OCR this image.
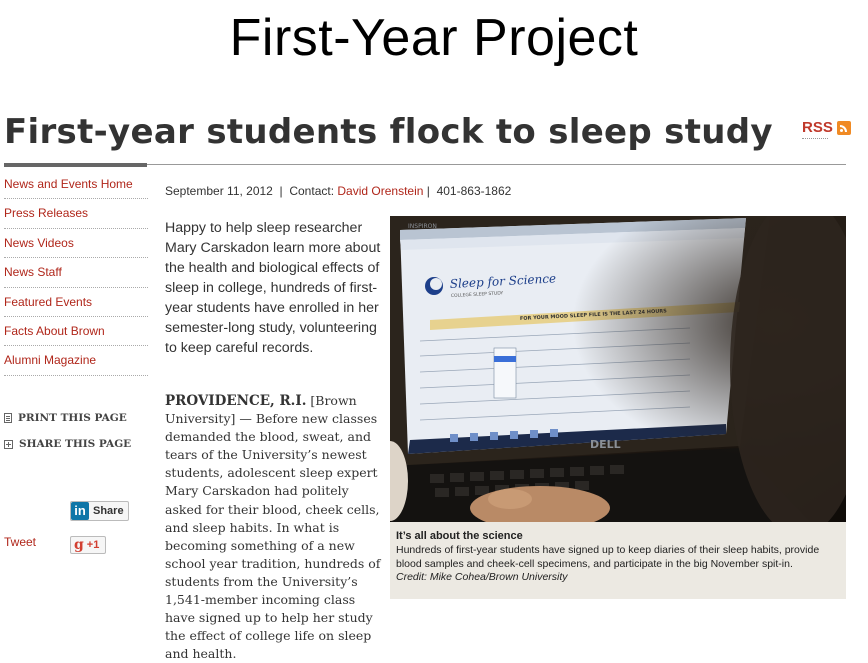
First-Year Project
First-year students flock to sleep study RSS
News and Events Home
Press Releases
News Videos
News Staff
Featured Events
Facts About Brown
Alumni Magazine
PRINT THIS PAGE
SHARE THIS PAGE
in Share
Tweet	g +1
September 11, 2012  |  Contact: David Orenstein |  401-863-1862
Happy to help sleep researcher Mary Carskadon learn more about the health and biological effects of sleep in college, hundreds of first-year students have enrolled in her semester-long study, volunteering to keep careful records.
PROVIDENCE, R.I. [Brown University] — Before new classes demanded the blood, sweat, and tears of the University’s newest students, adolescent sleep expert Mary Carskadon had politely asked for their blood, cheek cells, and sleep habits. In what is becoming something of a new school year tradition, hundreds of students from the University’s 1,541-member incoming class have signed up to help her study the effect of college life on sleep and health.
It’s all about the science
Hundreds of first-year students have signed up to keep diaries of their sleep habits, provide blood samples and cheek-cell specimens, and participate in the big November spit-in.
Credit: Mike Cohea/Brown University
